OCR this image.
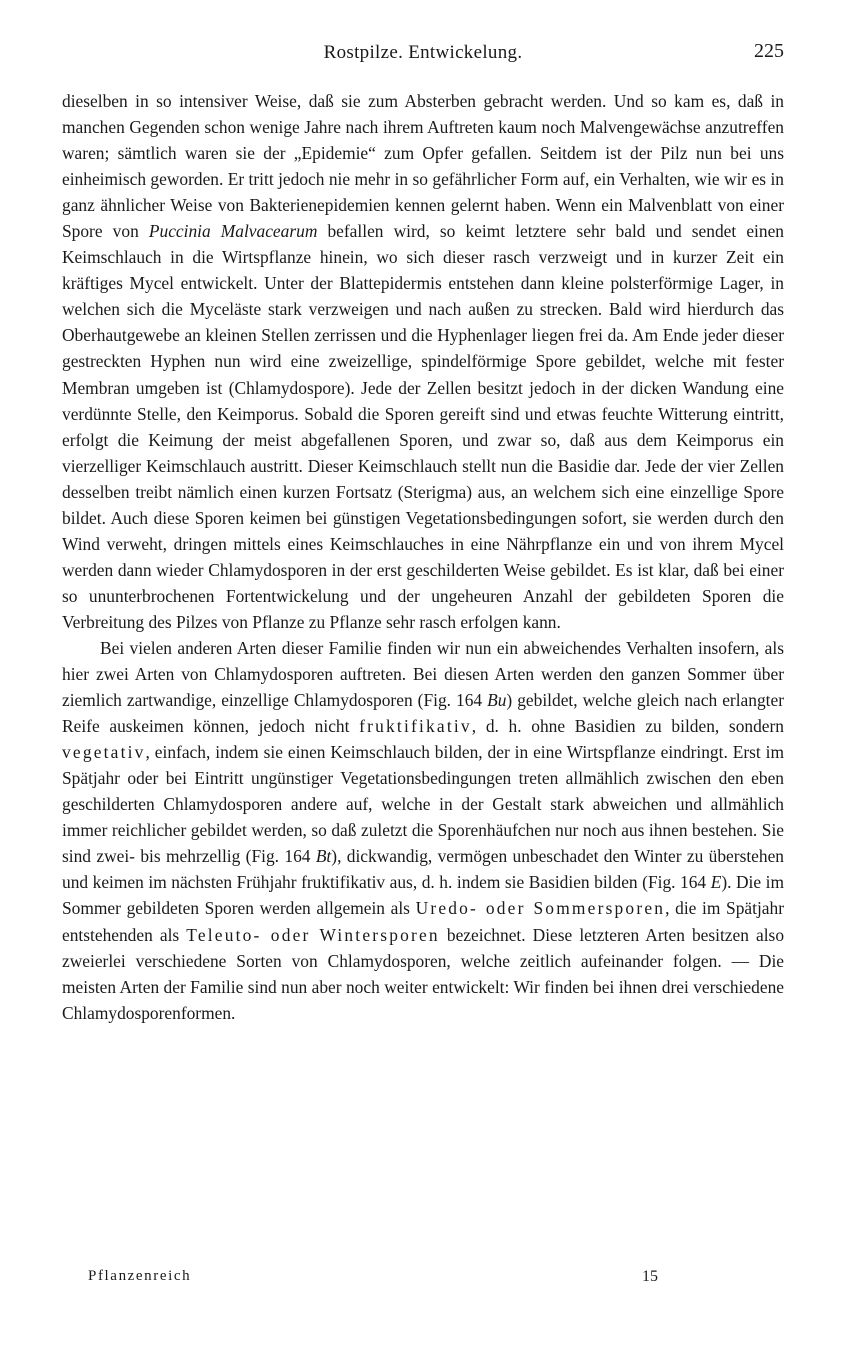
Rostpilze. Entwickelung.	225

dieselben in so intensiver Weise, daß sie zum Absterben gebracht werden. Und so kam es, daß in manchen Gegenden schon wenige Jahre nach ihrem Auftreten kaum noch Malvengewächse anzutreffen waren; sämtlich waren sie der „Epidemie“ zum Opfer gefallen. Seitdem ist der Pilz nun bei uns einheimisch geworden. Er tritt jedoch nie mehr in so gefährlicher Form auf, ein Verhalten, wie wir es in ganz ähnlicher Weise von Bakterienepidemien kennen gelernt haben. Wenn ein Malvenblatt von einer Spore von Puccinia Malvacearum befallen wird, so keimt letztere sehr bald und sendet einen Keimschlauch in die Wirtspflanze hinein, wo sich dieser rasch verzweigt und in kurzer Zeit ein kräftiges Mycel entwickelt. Unter der Blattepidermis entstehen dann kleine polsterförmige Lager, in welchen sich die Myceläste stark verzweigen und nach außen zu strecken. Bald wird hierdurch das Oberhautgewebe an kleinen Stellen zerrissen und die Hyphenlager liegen frei da. Am Ende jeder dieser gestreckten Hyphen nun wird eine zweizellige, spindelförmige Spore gebildet, welche mit fester Membran umgeben ist (Chlamydospore). Jede der Zellen besitzt jedoch in der dicken Wandung eine verdünnte Stelle, den Keimporus. Sobald die Sporen gereift sind und etwas feuchte Witterung eintritt, erfolgt die Keimung der meist abgefallenen Sporen, und zwar so, daß aus dem Keimporus ein vierzelliger Keimschlauch austritt. Dieser Keimschlauch stellt nun die Basidie dar. Jede der vier Zellen desselben treibt nämlich einen kurzen Fortsatz (Sterigma) aus, an welchem sich eine einzellige Spore bildet. Auch diese Sporen keimen bei günstigen Vegetationsbedingungen sofort, sie werden durch den Wind verweht, dringen mittels eines Keimschlauches in eine Nährpflanze ein und von ihrem Mycel werden dann wieder Chlamydosporen in der erst geschilderten Weise gebildet. Es ist klar, daß bei einer so ununterbrochenen Fortentwickelung und der ungeheuren Anzahl der gebildeten Sporen die Verbreitung des Pilzes von Pflanze zu Pflanze sehr rasch erfolgen kann.

Bei vielen anderen Arten dieser Familie finden wir nun ein abweichendes Verhalten insofern, als hier zwei Arten von Chlamydosporen auftreten. Bei diesen Arten werden den ganzen Sommer über ziemlich zartwandige, einzellige Chlamydosporen (Fig. 164 Bu) gebildet, welche gleich nach erlangter Reife auskeimen können, jedoch nicht fruktifikativ, d. h. ohne Basidien zu bilden, sondern vegetativ, einfach, indem sie einen Keimschlauch bilden, der in eine Wirtspflanze eindringt. Erst im Spätjahr oder bei Eintritt ungünstiger Vegetationsbedingungen treten allmählich zwischen den eben geschilderten Chlamydosporen andere auf, welche in der Gestalt stark abweichen und allmählich immer reichlicher gebildet werden, so daß zuletzt die Sporenhäufchen nur noch aus ihnen bestehen. Sie sind zwei- bis mehrzellig (Fig. 164 Bt), dickwandig, vermögen unbeschadet den Winter zu überstehen und keimen im nächsten Frühjahr fruktifikativ aus, d. h. indem sie Basidien bilden (Fig. 164 E). Die im Sommer gebildeten Sporen werden allgemein als Uredo- oder Sommersporen, die im Spätjahr entstehenden als Teleuto- oder Wintersporen bezeichnet. Diese letzteren Arten besitzen also zweierlei verschiedene Sorten von Chlamydosporen, welche zeitlich aufeinander folgen. — Die meisten Arten der Familie sind nun aber noch weiter entwickelt: Wir finden bei ihnen drei verschiedene Chlamydosporenformen.

Pflanzenreich	15
